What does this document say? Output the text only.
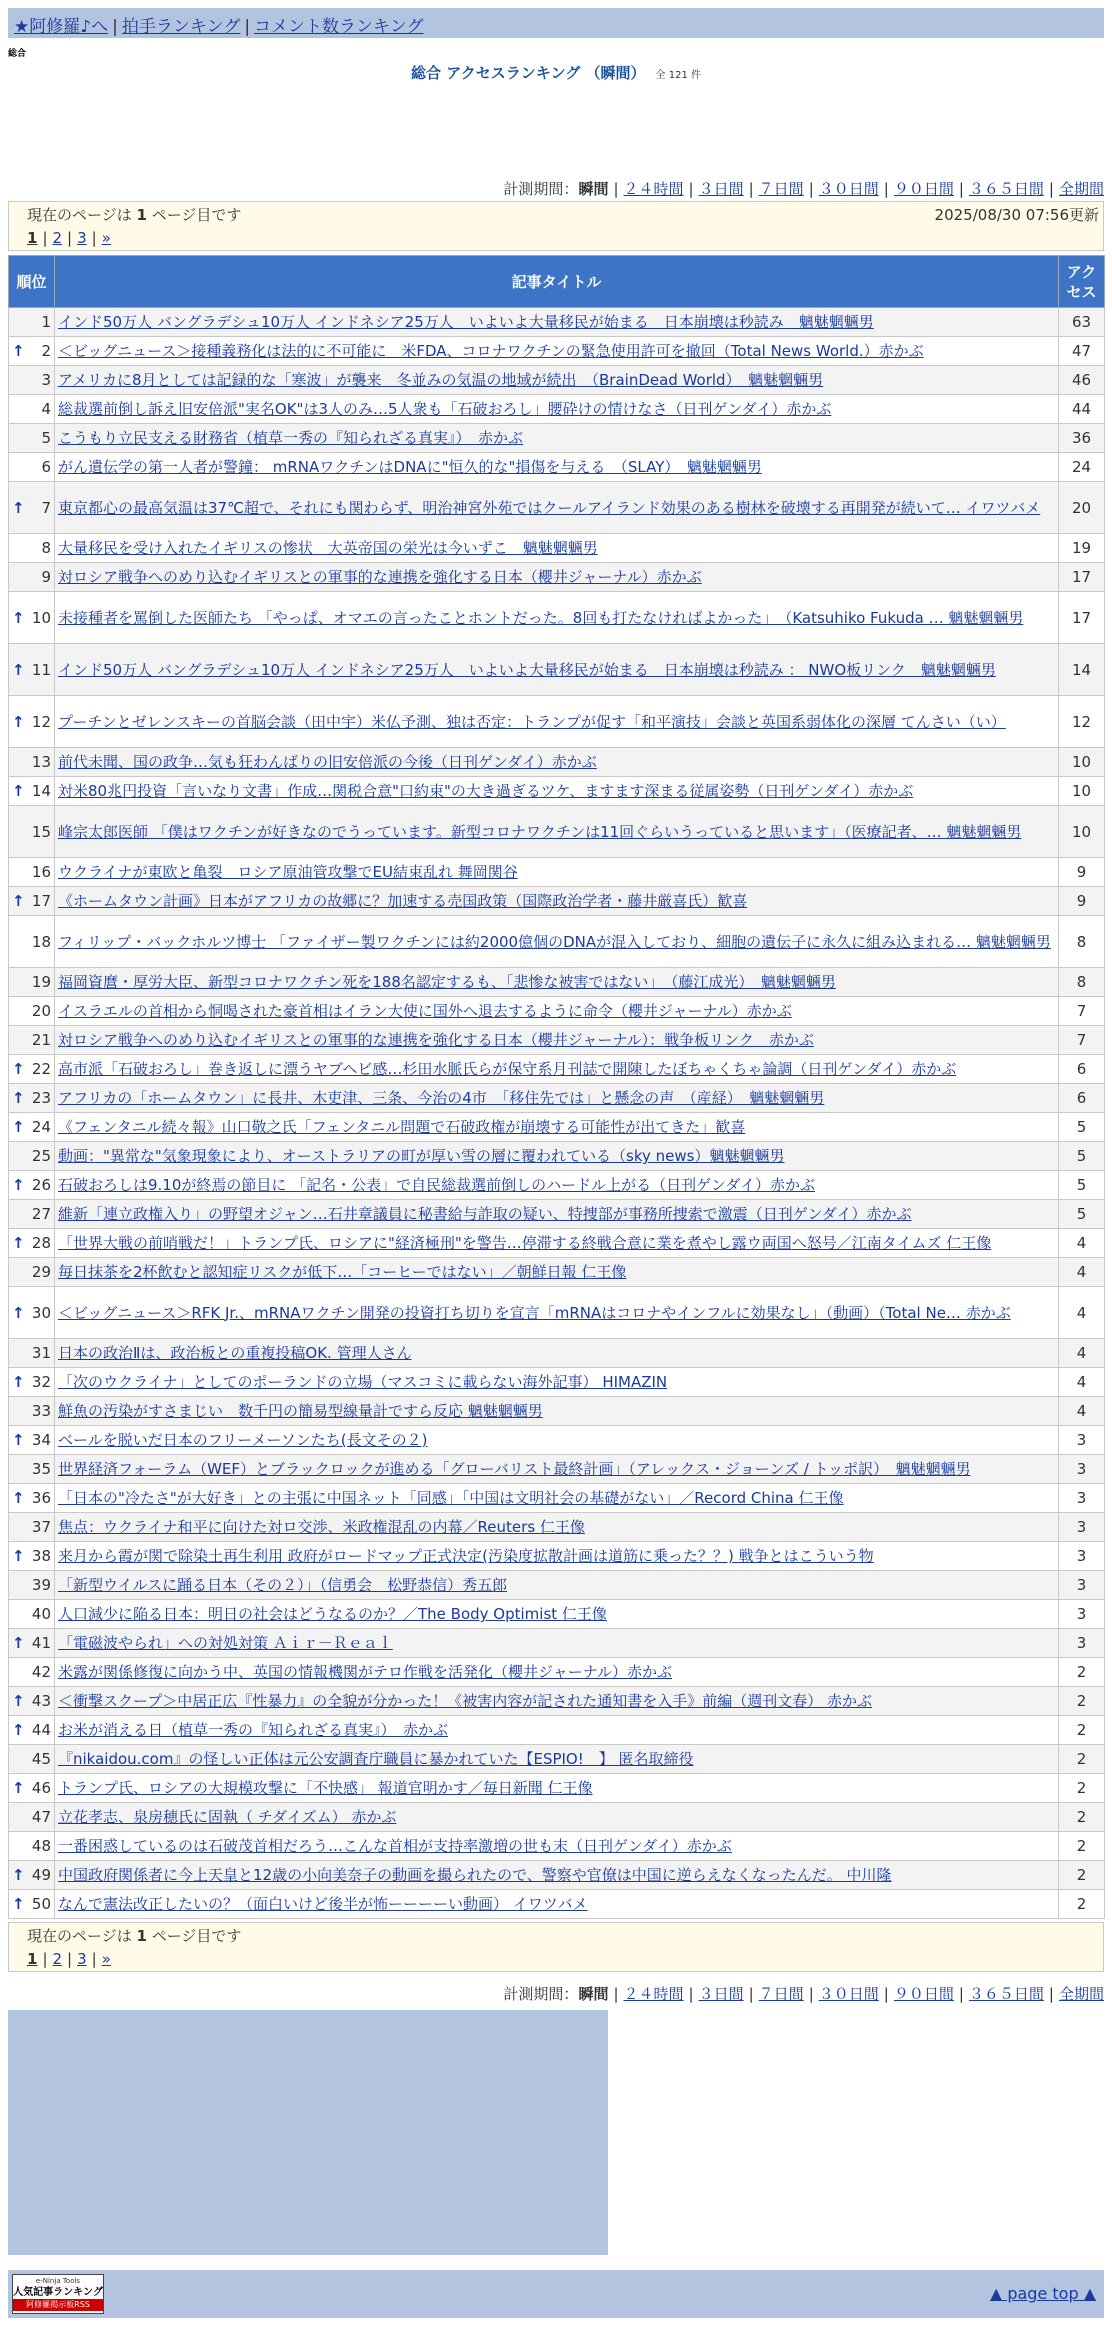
★阿修羅♪へ | 拍手ランキング | コメント数ランキング
総合
総合 アクセスランキング （瞬間） 全 121 件
計測期間：瞬間 | ２４時間 | ３日間 | ７日間 | ３０日間 | ９０日間 | ３６５日間 | 全期間
現在のページは 1 ページ目です	2025/08/30 07:56更新
1 | 2 | 3 | »
順位	記事タイトル	アクセス
1	インド50万人 バングラデシュ10万人 インドネシア25万人　いよいよ大量移民が始まる　日本崩壊は秒読み　魑魅魍魎男	63

↑ 2	＜ビッグニュース＞接種義務化は法的に不可能に　米FDA、コロナワクチンの緊急使用許可を撤回（Total News World.）赤かぶ	47
3	アメリカに8月としては記録的な「寒波」が襲来　冬並みの気温の地域が続出　（BrainDead World）　魑魅魍魎男	46
4	総裁選前倒し訴え旧安倍派"実名OK"は3人のみ…5人衆も「石破おろし」腰砕けの情けなさ（日刊ゲンダイ）赤かぶ	44
5	こうもり立民支える財務省（植草一秀の『知られざる真実』）　赤かぶ	36
6	がん遺伝学の第一人者が警鐘： mRNAワクチンはDNAに"恒久的な"損傷を与える　（SLAY）　魑魅魍魎男	24

↑ 7	東京都心の最高気温は37℃超で、それにも関わらず、明治神宮外苑ではクールアイランド効果のある樹林を破壊する再開発が続いて… イワツバメ	20
8	大量移民を受け入れたイギリスの惨状　大英帝国の栄光は今いずこ　魑魅魍魎男	19
9	対ロシア戦争へのめり込むイギリスとの軍事的な連携を強化する日本（櫻井ジャーナル）赤かぶ	17

↑ 10	未接種者を罵倒した医師たち 「やっぱ、オマエの言ったことホントだった。8回も打たなければよかった」　（Katsuhiko Fukuda … 魑魅魍魎男	17

↑ 11	インド50万人 バングラデシュ10万人 インドネシア25万人　いよいよ大量移民が始まる　日本崩壊は秒読み ： NWO板リンク　魑魅魍魎男	14

↑ 12	プーチンとゼレンスキーの首脳会談（田中宇）米仏予測、独は否定：トランプが促す「和平演技」会談と英国系弱体化の深層 てんさい（い）	12
13	前代未聞、国の政争…気も狂わんばりの旧安倍派の今後（日刊ゲンダイ）赤かぶ	10

↑ 14	対米80兆円投資「言いなり文書」作成…関税合意"口約束"の大き過ぎるツケ、ますます深まる従属姿勢（日刊ゲンダイ）赤かぶ	10
15	峰宗太郎医師 「僕はワクチンが好きなのでうっています。新型コロナワクチンは11回ぐらいうっていると思います」（医療記者、… 魑魅魍魎男	10
16	ウクライナが東欧と亀裂　ロシア原油管攻撃でEU結束乱れ 舞岡関谷	9

↑ 17	《ホームタウン計画》日本がアフリカの故郷に？加速する売国政策（国際政治学者・藤井厳喜氏）歓喜	9
18	フィリップ・バックホルツ博士 「ファイザー製ワクチンには約2000億個のDNAが混入しており、細胞の遺伝子に永久に組み込まれる… 魑魅魍魎男	8
19	福岡資麿・厚労大臣、新型コロナワクチン死を188名認定するも、「悲惨な被害ではない」　（藤江成光）　魑魅魍魎男	8
20	イスラエルの首相から恫喝された豪首相はイラン大使に国外へ退去するように命令（櫻井ジャーナル）赤かぶ	7
21	対ロシア戦争へのめり込むイギリスとの軍事的な連携を強化する日本（櫻井ジャーナル）：戦争板リンク　赤かぶ	7

↑ 22	高市派「石破おろし」巻き返しに漂うヤブヘビ感…杉田水脈氏らが保守系月刊誌で開陳したぼちゃくちゃ論調（日刊ゲンダイ）赤かぶ	6

↑ 23	アフリカの「ホームタウン」に長井、木吏津、三条、今治の4市　「移住先では」と懸念の声　（産経）　魑魅魍魎男	6

↑ 24	《フェンタニル続々報》山口敬之氏「フェンタニル問題で石破政権が崩壊する可能性が出てきた」歓喜	5
25	動画："異常な"気象現象により、オーストラリアの町が厚い雪の層に覆われている（sky news）魑魅魍魎男	5

↑ 26	石破おろしは9.10が終焉の節目に 「記名・公表」で自民総裁選前倒しのハードル上がる（日刊ゲンダイ）赤かぶ	5
27	維新「連立政権入り」の野望オジャン…石井章議員に秘書給与詐取の疑い、特捜部が事務所捜索で激震（日刊ゲンダイ）赤かぶ	5

↑ 28	「世界大戦の前哨戦だ！」トランプ氏、ロシアに"経済極刑"を警告…停滞する終戦合意に業を煮やし露ウ両国へ怒号／江南タイムズ 仁王像	4
29	毎日抹茶を2杯飲むと認知症リスクが低下…「コーヒーではない」／朝鮮日報 仁王像	4

↑ 30	＜ビッグニュース＞RFK Jr.、mRNAワクチン開発の投資打ち切りを宣言「mRNAはコロナやインフルに効果なし」（動画）（Total Ne… 赤かぶ	4
31	日本の政治Ⅱは、政治板との重複投稿OK. 管理人さん	4

↑ 32	「次のウクライナ」としてのポーランドの立場（マスコミに載らない海外記事） HIMAZIN	4
33	鮮魚の汚染がすさまじい　数千円の簡易型線量計ですら反応 魑魅魍魎男	4

↑ 34	ベールを脱いだ日本のフリーメーソンたち(長文その２)	3
35	世界経済フォーラム（WEF）とブラックロックが進める「グローバリスト最終計画」（アレックス・ジョーンズ / トッポ訳）　魑魅魍魎男	3

↑ 36	「日本の"冷たさ"が大好き」との主張に中国ネット「同感」「中国は文明社会の基礎がない」／Record China 仁王像	3
37	焦点：ウクライナ和平に向けた対ロ交渉、米政権混乱の内幕／Reuters 仁王像	3

↑ 38	来月から霞が関で除染土再生利用 政府がロードマップ正式決定(汚染度拡散計画は道筋に乗った？？) 戦争とはこういう物	3
39	「新型ウイルスに踊る日本（その２）」（信勇会　松野恭信）秀五郎	3
40	人口減少に陥る日本：明日の社会はどうなるのか？／The Body Optimist 仁王像	3

↑ 41	「電磁波やられ」への対処対策 Ａｉｒ－Ｒｅａｌ	3
42	米露が関係修復に向かう中、英国の情報機関がテロ作戦を活発化（櫻井ジャーナル）赤かぶ	2

↑ 43	＜衝撃スクープ＞中居正広『性暴力』の全貌が分かった！《被害内容が記された通知書を入手》前編（週刊文春） 赤かぶ	2

↑ 44	お米が消える日（植草一秀の『知られざる真実』）　赤かぶ	2
45	『nikaidou.com』の怪しい正体は元公安調査庁職員に暴かれていた【ESPIO!　】 匿名取締役	2

↑ 46	トランプ氏、ロシアの大規模攻撃に「不快感」 報道官明かす／毎日新聞 仁王像	2
47	立花孝志、泉房穂氏に固執（ チダイズム） 赤かぶ	2
48	一番困惑しているのは石破茂首相だろう…こんな首相が支持率激増の世も末（日刊ゲンダイ）赤かぶ	2

↑ 49	中国政府関係者に今上天皇と12歳の小向美奈子の動画を撮られたので、警察や官僚は中国に逆らえなくなったんだ。 中川隆	2

↑ 50	なんで憲法改正したいの？（面白いけど後半が怖ーーーーい動画） イワツバメ	2
現在のページは 1 ページ目です
1 | 2 | 3 | »
計測期間：瞬間 | ２４時間 | ３日間 | ７日間 | ３０日間 | ９０日間 | ３６５日間 | 全期間
e-Ninja Tools
人気記事ランキング
阿修羅掲示板RSS
▲ page top ▲
